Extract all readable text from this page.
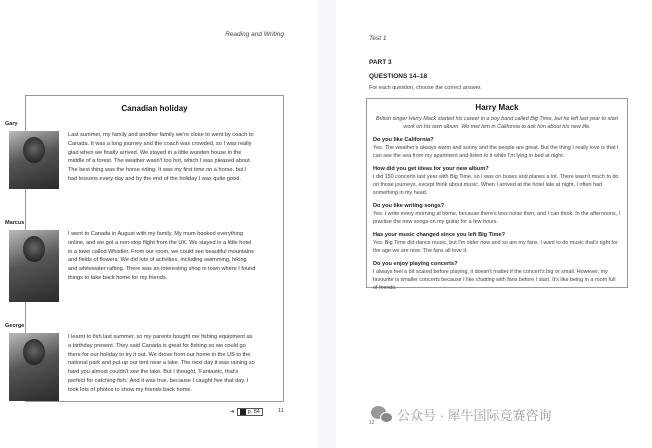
Reading and Writing
Canadian holiday
Gary
Last summer, my family and another family we're close to went by coach to Canada. It was a long journey and the coach was crowded, so I was really glad when we finally arrived. We stayed in a little wooden house in the middle of a forest. The weather wasn't too hot, which I was pleased about. The best thing was the horse riding. It was my first time on a horse, but I had lessons every day and by the end of the holiday I was quite good.
Marcus
I went to Canada in August with my family. My mum booked everything online, and we got a non-stop flight from the UK. We stayed in a little hotel in a town called Whistler. From our room, we could see beautiful mountains and fields of flowers. We did lots of activities, including swimming, hiking and whitewater rafting. There was an interesting shop in town where I found things to take back home for my friends.
George
I learnt to fish last summer, so my parents bought me fishing equipment as a birthday present. They said Canada is great for fishing so we could go there for our holiday to try it out. We drove from our home in the US to the national park and put up our tent near a lake. The next day it was raining so hard you almost couldn't see the lake. But I thought, 'Fantastic, that's perfect for catching fish.' And it was true, because I caught five that day. I took lots of photos to show my friends back home.
➜ p. 84	11
Test 1
PART 3
QUESTIONS 14–18
For each question, choose the correct answer.
Harry Mack
British singer Harry Mack started his career in a boy band called Big Time, but he left last year to start work on his own album. We met him in California to ask him about his new life.
Do you like California?
Yes. The weather's always warm and sunny and the people are great. But the thing I really love is that I can see the sea from my apartment and listen to it while I'm lying in bed at night.
How did you get ideas for your new album?
I did 150 concerts last year with Big Time, so I was on buses and planes a lot. There wasn't much to do on those journeys, except think about music. When I arrived at the hotel late at night, I often had something in my head.
Do you like writing songs?
Yes. I write every morning at home, because there's less noise then, and I can think. In the afternoons, I practise the new songs on my guitar for a few hours.
Has your music changed since you left Big Time?
Yes. Big Time did dance music, but I'm older now and so are my fans. I want to do music that's right for the age we are now. The fans all love it.
Do you enjoy playing concerts?
I always feel a bit scared before playing, it doesn't matter if the concert's big or small. However, my favourite is smaller concerts because I like chatting with fans before I start. It's like being in a room full of friends.
12 公众号 · 犀牛国际竞赛咨询
